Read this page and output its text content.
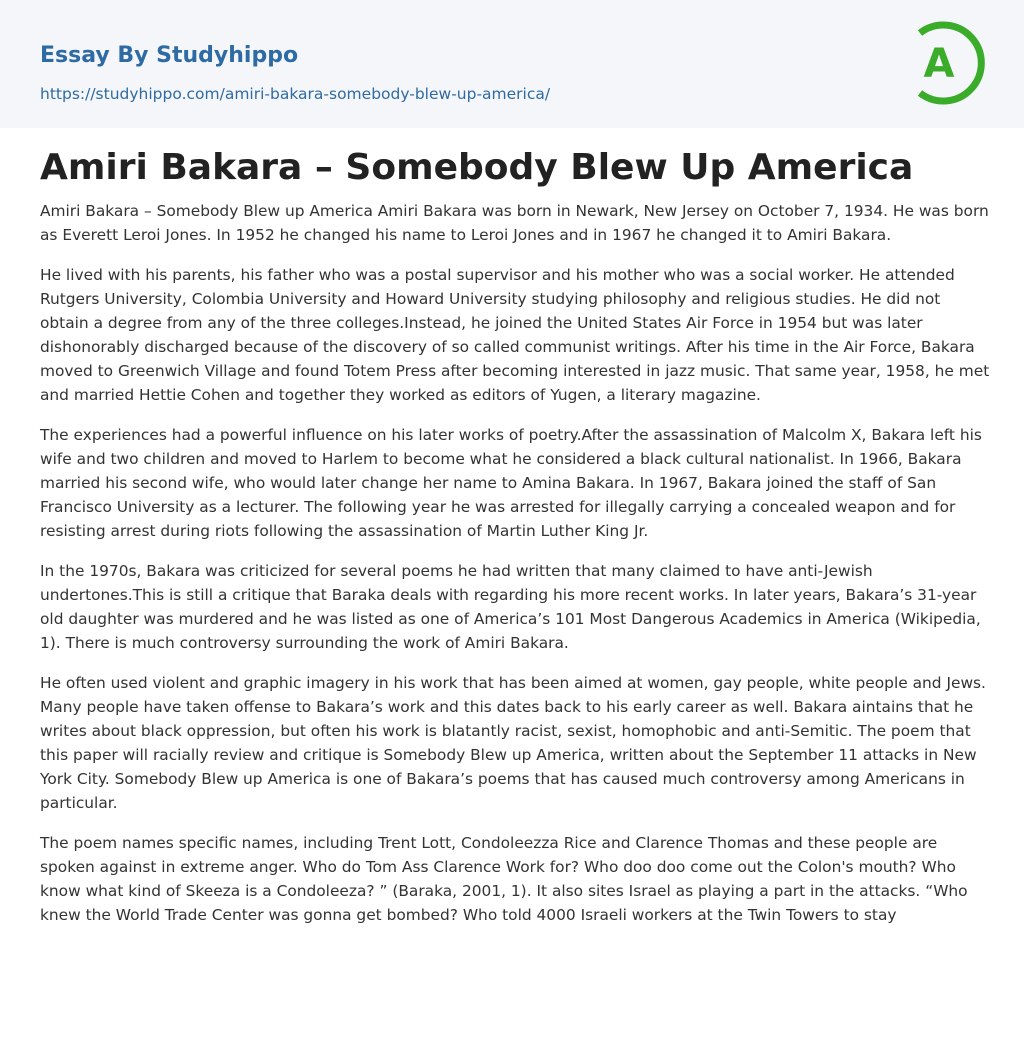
Essay By Studyhippo
https://studyhippo.com/amiri-bakara-somebody-blew-up-america/
A
Amiri Bakara – Somebody Blew Up America

Amiri Bakara – Somebody Blew up America Amiri Bakara was born in Newark, New Jersey on October 7, 1934. He was born as Everett Leroi Jones. In 1952 he changed his name to Leroi Jones and in 1967 he changed it to Amiri Bakara.

He lived with his parents, his father who was a postal supervisor and his mother who was a social worker. He attended Rutgers University, Colombia University and Howard University studying philosophy and religious studies. He did not obtain a degree from any of the three colleges.Instead, he joined the United States Air Force in 1954 but was later dishonorably discharged because of the discovery of so called communist writings. After his time in the Air Force, Bakara moved to Greenwich Village and found Totem Press after becoming interested in jazz music. That same year, 1958, he met and married Hettie Cohen and together they worked as editors of Yugen, a literary magazine.

The experiences had a powerful influence on his later works of poetry.After the assassination of Malcolm X, Bakara left his wife and two children and moved to Harlem to become what he considered a black cultural nationalist. In 1966, Bakara married his second wife, who would later change her name to Amina Bakara. In 1967, Bakara joined the staff of San Francisco University as a lecturer. The following year he was arrested for illegally carrying a concealed weapon and for resisting arrest during riots following the assassination of Martin Luther King Jr.

In the 1970s, Bakara was criticized for several poems he had written that many claimed to have anti-Jewish undertones.This is still a critique that Baraka deals with regarding his more recent works. In later years, Bakara’s 31-year old daughter was murdered and he was listed as one of America’s 101 Most Dangerous Academics in America (Wikipedia, 1). There is much controversy surrounding the work of Amiri Bakara.

He often used violent and graphic imagery in his work that has been aimed at women, gay people, white people and Jews. Many people have taken offense to Bakara’s work and this dates back to his early career as well. Bakara aintains that he writes about black oppression, but often his work is blatantly racist, sexist, homophobic and anti-Semitic. The poem that this paper will racially review and critique is Somebody Blew up America, written about the September 11 attacks in New York City. Somebody Blew up America is one of Bakara’s poems that has caused much controversy among Americans in particular.

The poem names specific names, including Trent Lott, Condoleezza Rice and Clarence Thomas and these people are spoken against in extreme anger. Who do Tom Ass Clarence Work for? Who doo doo come out the Colon's mouth? Who know what kind of Skeeza is a Condoleeza? ” (Baraka, 2001, 1). It also sites Israel as playing a part in the attacks. “Who knew the World Trade Center was gonna get bombed? Who told 4000 Israeli workers at the Twin Towers to stay
